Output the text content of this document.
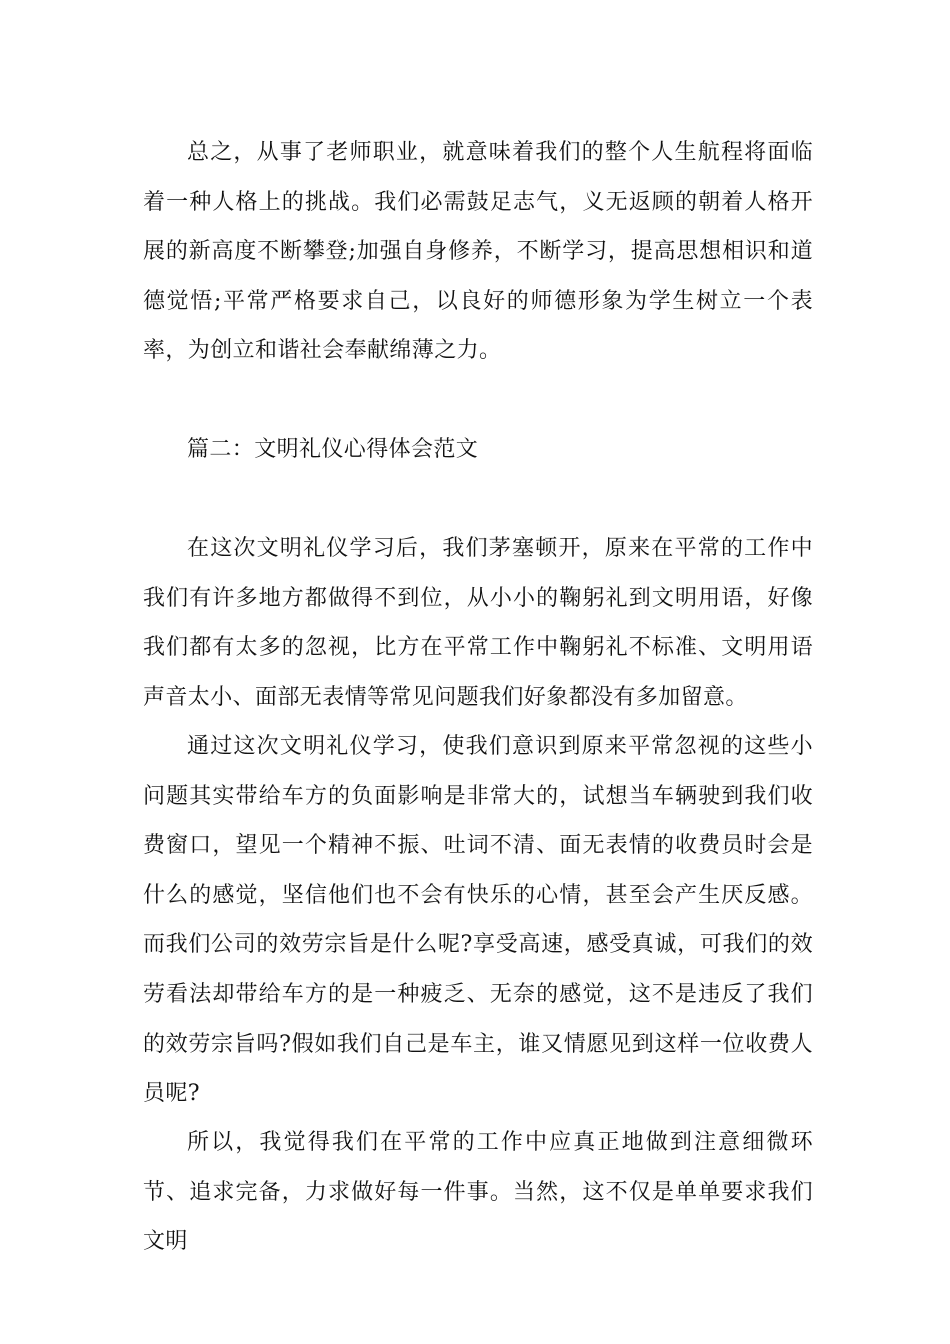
总之，从事了老师职业，就意味着我们的整个人生航程将面临着一种人格上的挑战。我们必需鼓足志气，义无返顾的朝着人格开展的新高度不断攀登;加强自身修养，不断学习，提高思想相识和道德觉悟;平常严格要求自己，以良好的师德形象为学生树立一个表率，为创立和谐社会奉献绵薄之力。

篇二：文明礼仪心得体会范文

在这次文明礼仪学习后，我们茅塞顿开，原来在平常的工作中我们有许多地方都做得不到位，从小小的鞠躬礼到文明用语，好像我们都有太多的忽视，比方在平常工作中鞠躬礼不标准、文明用语声音太小、面部无表情等常见问题我们好象都没有多加留意。

通过这次文明礼仪学习，使我们意识到原来平常忽视的这些小问题其实带给车方的负面影响是非常大的，试想当车辆驶到我们收费窗口，望见一个精神不振、吐词不清、面无表情的收费员时会是什么的感觉，坚信他们也不会有快乐的心情，甚至会产生厌反感。而我们公司的效劳宗旨是什么呢?享受高速，感受真诚，可我们的效劳看法却带给车方的是一种疲乏、无奈的感觉，这不是违反了我们的效劳宗旨吗?假如我们自己是车主，谁又情愿见到这样一位收费人员呢?

所以，我觉得我们在平常的工作中应真正地做到注意细微环节、追求完备，力求做好每一件事。当然，这不仅是单单要求我们文明
